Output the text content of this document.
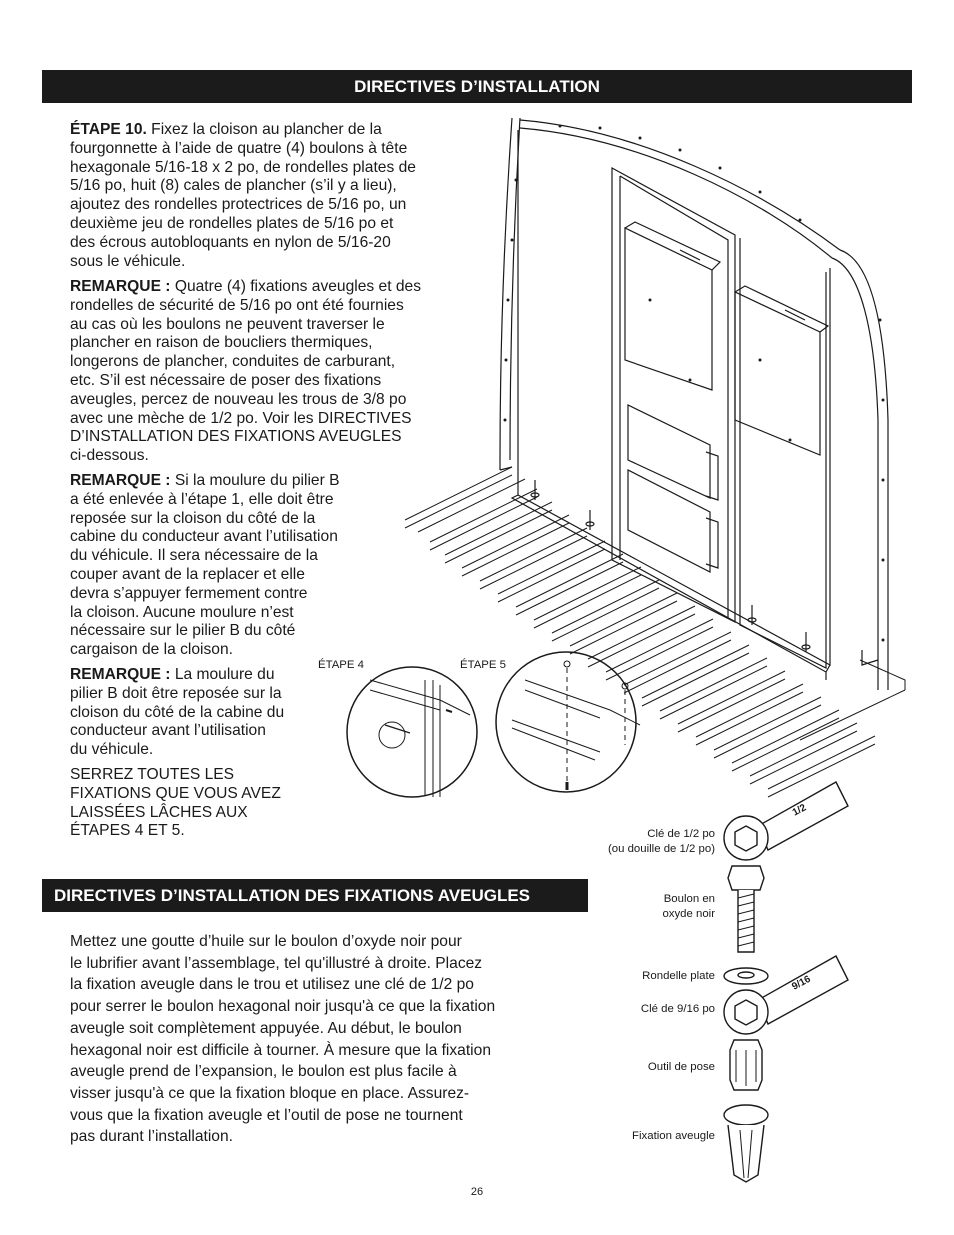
DIRECTIVES D’INSTALLATION
DIRECTIVES D’INSTALLATION DES FIXATIONS AVEUGLES
ÉTAPE 10. Fixez la cloison au plancher de la
fourgonnette à l’aide de quatre (4) boulons à tête
hexagonale 5/16-18 x 2 po, de rondelles plates de
5/16 po, huit (8) cales de plancher (s’il y a lieu),
ajoutez des rondelles protectrices de 5/16 po, un
deuxième jeu de rondelles plates de 5/16 po et
des écrous autobloquants en nylon de 5/16-20
sous le véhicule.
REMARQUE : Quatre (4) fixations aveugles et des
rondelles de sécurité de 5/16 po ont été fournies
au cas où les boulons ne peuvent traverser le
plancher en raison de boucliers thermiques,
longerons de plancher, conduites de carburant,
etc. S’il est nécessaire de poser des fixations
aveugles, percez de nouveau les trous de 3/8 po
avec une mèche de 1/2 po. Voir les DIRECTIVES
D’INSTALLATION DES FIXATIONS AVEUGLES
ci-dessous.
REMARQUE : Si la moulure du pilier B
a été enlevée à l’étape 1, elle doit être
reposée sur la cloison du côté de la
cabine du conducteur avant l’utilisation
du véhicule. Il sera nécessaire de la
couper avant de la replacer et elle
devra s’appuyer fermement contre
la cloison. Aucune moulure n’est
nécessaire sur le pilier B du côté
cargaison de la cloison.
REMARQUE : La moulure du
pilier B doit être reposée sur la
cloison du côté de la cabine du
conducteur avant l’utilisation
du véhicule.
SERREZ TOUTES LES
FIXATIONS QUE VOUS AVEZ
LAISSÉES LÂCHES AUX
ÉTAPES 4 ET 5.
Mettez une goutte d’huile sur le boulon d’oxyde noir pour
le lubrifier avant l’assemblage, tel qu'illustré à droite. Placez
la fixation aveugle dans le trou et utilisez une clé de 1/2 po
pour serrer le boulon hexagonal noir jusqu'à ce que la fixation
aveugle soit complètement appuyée. Au début, le boulon
hexagonal noir est difficile à tourner. À mesure que la fixation
aveugle prend de l’expansion, le boulon est plus facile à
visser jusqu'à ce que la fixation bloque en place. Assurez-
vous que la fixation aveugle et l’outil de pose ne tournent
pas durant l’installation.
ÉTAPE 4	ÉTAPE 5
1/2
9/16
Clé de 1/2 po
(ou douille de 1/2 po)
Boulon en
oxyde noir
Rondelle plate
Clé de 9/16 po
Outil de pose
Fixation aveugle
26
